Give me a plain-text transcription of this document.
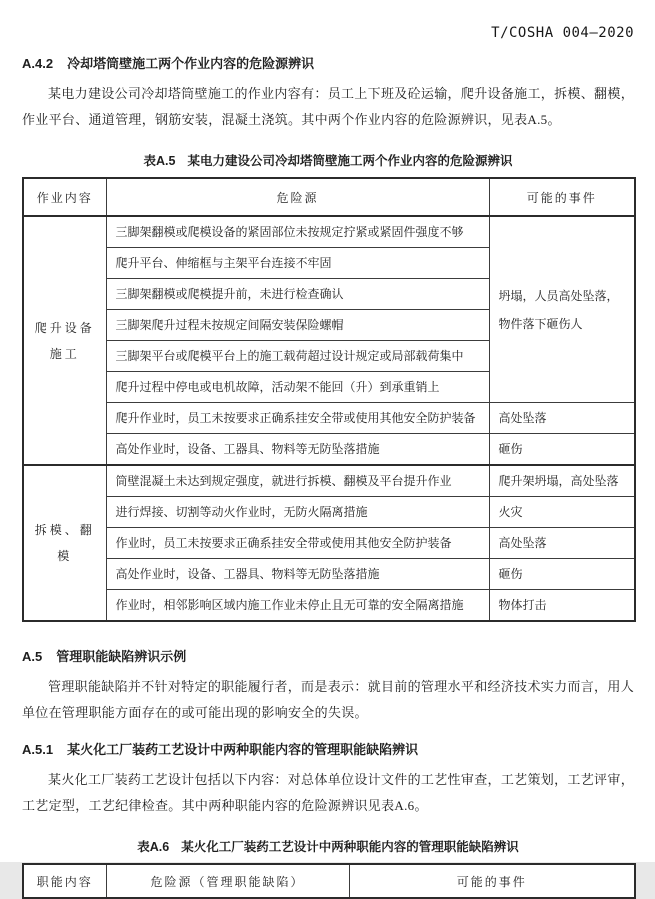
T/COSHA 004—2020
A.4.2 冷却塔筒壁施工两个作业内容的危险源辨识

某电力建设公司冷却塔筒壁施工的作业内容有：员工上下班及砼运输，爬升设备施工，拆模、翻模，作业平台、通道管理，钢筋安装，混凝土浇筑。其中两个作业内容的危险源辨识，见表A.5。

表A.5 某电力建设公司冷却塔筒壁施工两个作业内容的危险源辨识
作业内容	危险源	可能的事件
爬升设备施工	三脚架翻模或爬模设备的紧固部位未按规定拧紧或紧固件强度不够	坍塌，人员高处坠落，物件落下砸伤人
	爬升平台、伸缩框与主架平台连接不牢固	
	三脚架翻模或爬模提升前，未进行检查确认	
	三脚架爬升过程未按规定间隔安装保险螺帽	
	三脚架平台或爬模平台上的施工载荷超过设计规定或局部载荷集中	
	爬升过程中停电或电机故障，活动架不能回（升）到承重销上	
	爬升作业时，员工未按要求正确系挂安全带或使用其他安全防护装备	高处坠落
	高处作业时，设备、工器具、物料等无防坠落措施	砸伤
拆模、翻模	筒壁混凝土未达到规定强度，就进行拆模、翻模及平台提升作业	爬升架坍塌，高处坠落
	进行焊接、切割等动火作业时，无防火隔离措施	火灾
	作业时，员工未按要求正确系挂安全带或使用其他安全防护装备	高处坠落
	高处作业时，设备、工器具、物料等无防坠落措施	砸伤
	作业时，相邻影响区域内施工作业未停止且无可靠的安全隔离措施	物体打击
A.5 管理职能缺陷辨识示例

管理职能缺陷并不针对特定的职能履行者，而是表示：就目前的管理水平和经济技术实力而言，用人单位在管理职能方面存在的或可能出现的影响安全的失误。

A.5.1 某火化工厂装药工艺设计中两种职能内容的管理职能缺陷辨识

某火化工厂装药工艺设计包括以下内容：对总体单位设计文件的工艺性审查，工艺策划，工艺评审，工艺定型，工艺纪律检查。其中两种职能内容的危险源辨识见表A.6。

表A.6 某火化工厂装药工艺设计中两种职能内容的管理职能缺陷辨识
职能内容	危险源（管理职能缺陷）	可能的事件
